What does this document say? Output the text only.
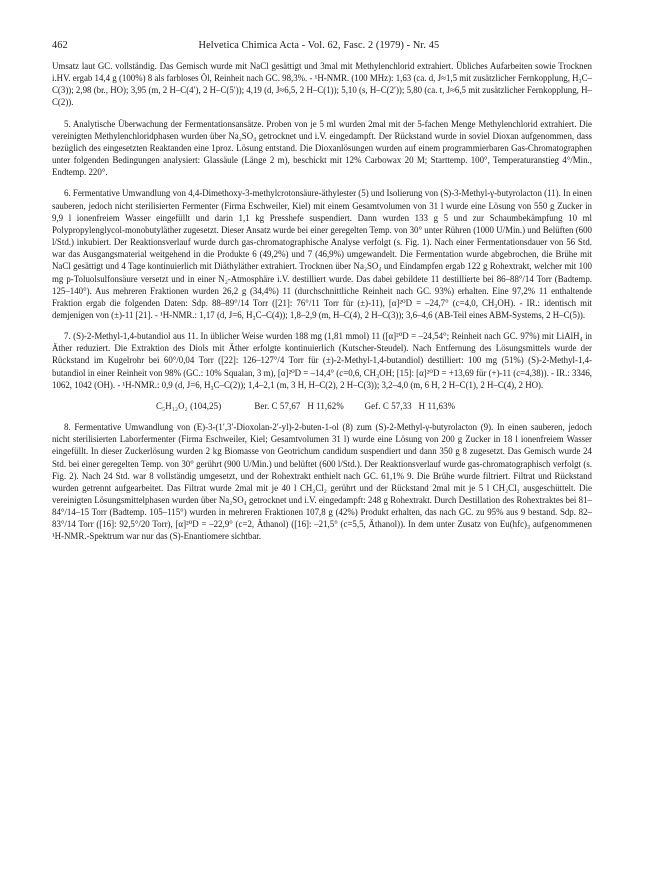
462	Helvetica Chimica Acta - Vol. 62, Fasc. 2 (1979) - Nr. 45

Umsatz laut GC. vollständig. Das Gemisch wurde mit NaCl gesättigt und 3mal mit Methylenchlorid extrahiert. Übliches Aufarbeiten sowie Trocknen i.HV. ergab 14,4 g (100%) 8 als farbloses Öl, Reinheit nach GC. 98,3%. - ¹H-NMR. (100 MHz): 1,63 (ca. d, J≈1,5 mit zusätzlicher Fernkopplung, H₃C–C(3)); 2,98 (br., HO); 3,95 (m, 2 H–C(4′), 2 H–C(5′)); 4,19 (d, J≈6,5, 2 H–C(1)); 5,10 (s, H–C(2′)); 5,80 (ca. t, J≈6,5 mit zusätzlicher Fernkopplung, H–C(2)).

5. Analytische Überwachung der Fermentationsansätze. Proben von je 5 ml wurden 2mal mit der 5-fachen Menge Methylenchlorid extrahiert. Die vereinigten Methylenchloridphasen wurden über Na₂SO₄ getrocknet und i.V. eingedampft. Der Rückstand wurde in soviel Dioxan aufgenommen, dass bezüglich des eingesetzten Reaktanden eine 1proz. Lösung entstand. Die Dioxanlösungen wurden auf einem programmierbaren Gas-Chromatographen unter folgenden Bedingungen analysiert: Glassäule (Länge 2 m), beschickt mit 12% Carbowax 20 M; Starttemp. 100°, Temperaturanstieg 4°/Min., Endtemp. 220°.

6. Fermentative Umwandlung von 4,4-Dimethoxy-3-methylcrotonsäure-äthylester (5) und Isolierung von (S)-3-Methyl-γ-butyrolacton (11). In einen sauberen, jedoch nicht sterilisierten Fermenter (Firma Eschweiler, Kiel) mit einem Gesamtvolumen von 31 l wurde eine Lösung von 550 g Zucker in 9,9 l ionenfreiem Wasser eingefüllt und darin 1,1 kg Presshefe suspendiert. Dann wurden 133 g 5 und zur Schaumbekämpfung 10 ml Polypropylenglycol-monobutyläther zugesetzt. Dieser Ansatz wurde bei einer geregelten Temp. von 30° unter Rühren (1000 U/Min.) und Belüften (600 l/Std.) inkubiert. Der Reaktionsverlauf wurde durch gas-chromatographische Analyse verfolgt (s. Fig. 1). Nach einer Fermentationsdauer von 56 Std. war das Ausgangsmaterial weitgehend in die Produkte 6 (49,2%) und 7 (46,9%) umgewandelt. Die Fermentation wurde abgebrochen, die Brühe mit NaCl gesättigt und 4 Tage kontinuierlich mit Diäthyläther extrahiert. Trocknen über Na₂SO₄ und Eindampfen ergab 122 g Rohextrakt, welcher mit 100 mg p-Toluolsulfonsäure versetzt und in einer N₂-Atmosphäre i.V. destilliert wurde. Das dabei gebildete 11 destillierte bei 86–88°/14 Torr (Badtemp. 125–140°). Aus mehreren Fraktionen wurden 26,2 g (34,4%) 11 (durchschnittliche Reinheit nach GC. 93%) erhalten. Eine 97,2% 11 enthaltende Fraktion ergab die folgenden Daten: Sdp. 88–89°/14 Torr ([21]: 76°/11 Torr für (±)-11), [α]²⁰D = –24,7° (c=4,0, CH₃OH). - IR.: identisch mit demjenigen von (±)-11 [21]. - ¹H-NMR.: 1,17 (d, J=6, H₃C–C(4)); 1,8–2,9 (m, H–C(4), 2 H–C(3)); 3,6–4,6 (AB-Teil eines ABM-Systems, 2 H–C(5)).

7. (S)-2-Methyl-1,4-butandiol aus 11. In üblicher Weise wurden 188 mg (1,81 mmol) 11 ([α]²⁰D = –24,54°; Reinheit nach GC. 97%) mit LiAlH₄ in Äther reduziert. Die Extraktion des Diols mit Äther erfolgte kontinuierlich (Kutscher-Steudel). Nach Entfernung des Lösungsmittels wurde der Rückstand im Kugelrohr bei 60°/0,04 Torr ([22]: 126–127°/4 Torr für (±)-2-Methyl-1,4-butandiol) destilliert: 100 mg (51%) (S)-2-Methyl-1,4-butandiol in einer Reinheit von 98% (GC.: 10% Squalan, 3 m), [α]²⁰D = –14,4° (c=0,6, CH₃OH; [15]: [α]²⁰D = +13,69 für (+)-11 (c=4,38)). - IR.: 3346, 1062, 1042 (OH). - ¹H-NMR.: 0,9 (d, J=6, H₃C–C(2)); 1,4–2,1 (m, 3 H, H–C(2), 2 H–C(3)); 3,2–4,0 (m, 6 H, 2 H–C(1), 2 H–C(4), 2 HO).

C₅H₁₂O₂ (104,25)	Ber. C 57,67   H 11,62% Gef. C 57,33   H 11,63%

8. Fermentative Umwandlung von (E)-3-(1′,3′-Dioxolan-2′-yl)-2-buten-1-ol (8) zum (S)-2-Methyl-γ-butyrolacton (9). In einen sauberen, jedoch nicht sterilisierten Laborfermenter (Firma Eschweiler, Kiel; Gesamtvolumen 31 l) wurde eine Lösung von 200 g Zucker in 18 l ionenfreiem Wasser eingefüllt. In dieser Zuckerlösung wurden 2 kg Biomasse von Geotrichum candidum suspendiert und dann 350 g 8 zugesetzt. Das Gemisch wurde 24 Std. bei einer geregelten Temp. von 30° gerührt (900 U/Min.) und belüftet (600 l/Std.). Der Reaktionsverlauf wurde gas-chromatographisch verfolgt (s. Fig. 2). Nach 24 Std. war 8 vollständig umgesetzt, und der Rohextrakt enthielt nach GC. 61,1% 9. Die Brühe wurde filtriert. Filtrat und Rückstand wurden getrennt aufgearbeitet. Das Filtrat wurde 2mal mit je 40 l CH₂Cl₂ gerührt und der Rückstand 2mal mit je 5 l CH₂Cl₂ ausgeschüttelt. Die vereinigten Lösungsmittelphasen wurden über Na₂SO₄ getrocknet und i.V. eingedampft: 248 g Rohextrakt. Durch Destillation des Rohextraktes bei 81–84°/14–15 Torr (Badtemp. 105–115°) wurden in mehreren Fraktionen 107,8 g (42%) Produkt erhalten, das nach GC. zu 95% aus 9 bestand. Sdp. 82–83°/14 Torr ([16]: 92,5°/20 Torr), [α]²⁰D = –22,9° (c=2, Äthanol) ([16]: –21,5° (c=5,5, Äthanol)). In dem unter Zusatz von Eu(hfc)₃ aufgenommenen ¹H-NMR.-Spektrum war nur das (S)-Enantiomere sichtbar.
